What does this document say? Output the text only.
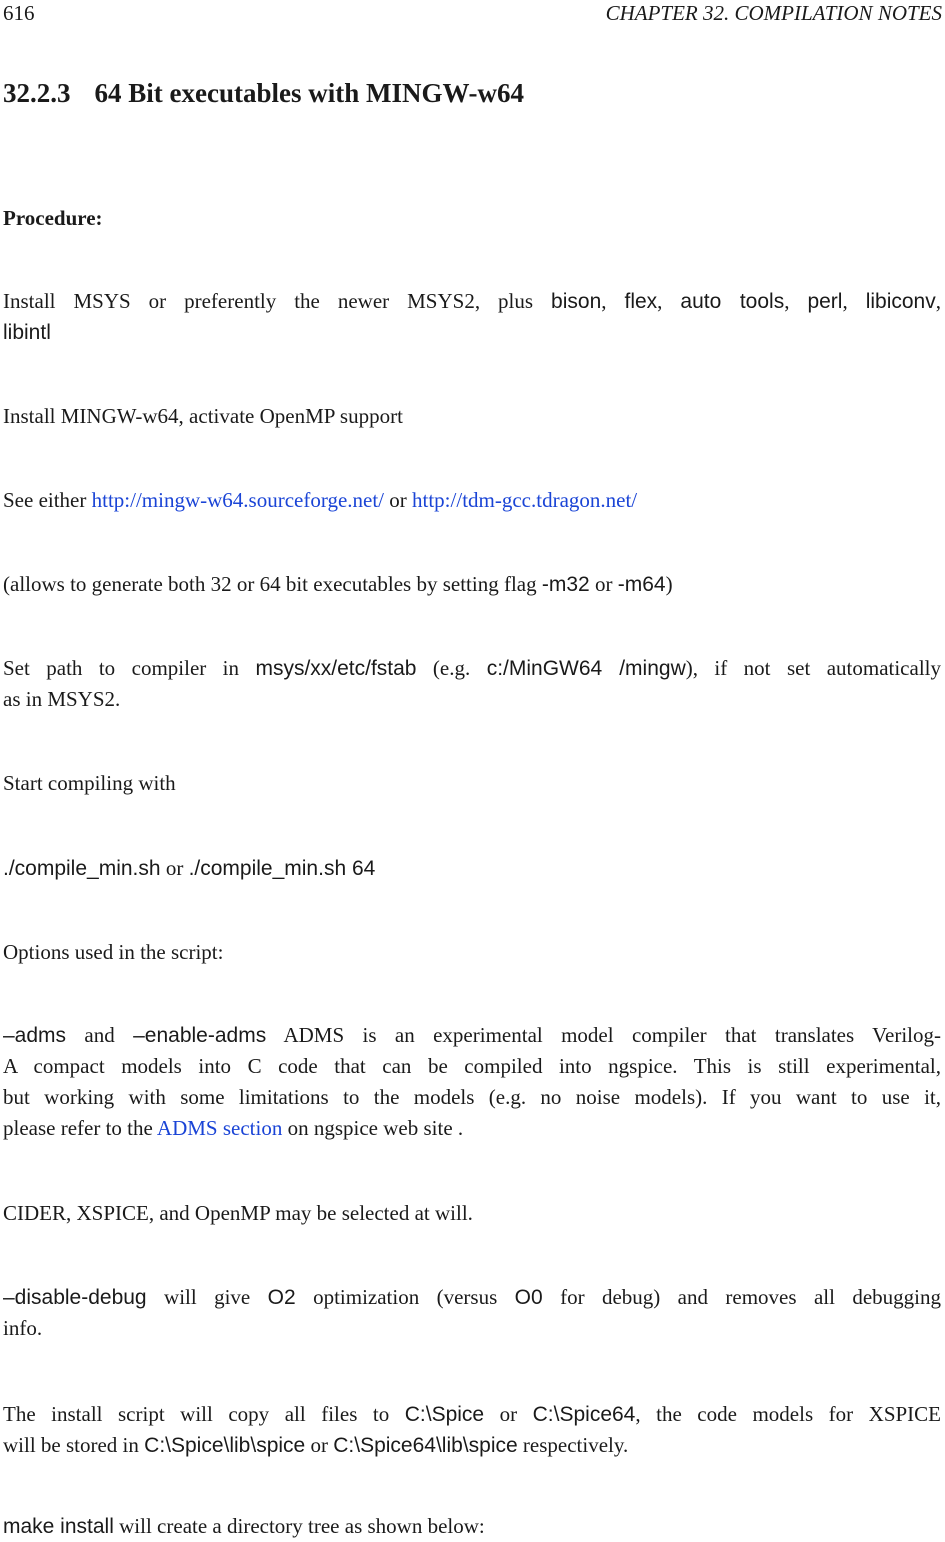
616	CHAPTER 32. COMPILATION NOTES
32.2.3 64 Bit executables with MINGW-w64
Procedure:
Install MSYS or preferently the newer MSYS2, plus bison, flex, auto tools, perl, libiconv,
libintl
Install MINGW-w64, activate OpenMP support
See either http://mingw-w64.sourceforge.net/ or http://tdm-gcc.tdragon.net/
(allows to generate both 32 or 64 bit executables by setting flag -m32 or -m64)
Set path to compiler in msys/xx/etc/fstab (e.g. c:/MinGW64 /mingw), if not set automatically
as in MSYS2.
Start compiling with
./compile_min.sh or ./compile_min.sh 64
Options used in the script:
–adms and –enable-adms ADMS is an experimental model compiler that translates Verilog-
A compact models into C code that can be compiled into ngspice. This is still experimental,
but working with some limitations to the models (e.g. no noise models). If you want to use it,
please refer to the ADMS section on ngspice web site .
CIDER, XSPICE, and OpenMP may be selected at will.
–disable-debug will give O2 optimization (versus O0 for debug) and removes all debugging
info.
The install script will copy all files to C:\Spice or C:\Spice64, the code models for XSPICE
will be stored in C:\Spice\lib\spice or C:\Spice64\lib\spice respectively.
make install will create a directory tree as shown below:
